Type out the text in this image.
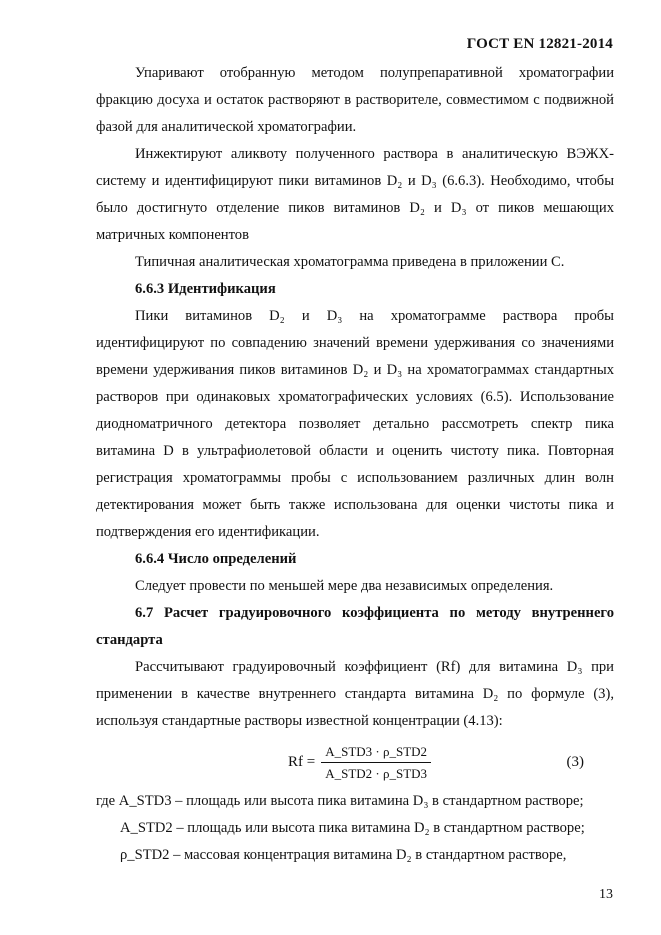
ГОСТ EN 12821-2014

Упаривают отобранную методом полупрепаративной хроматографии фракцию досуха и остаток растворяют в растворителе, совместимом с подвижной фазой для аналитической хроматографии.

Инжектируют аликвоту полученного раствора в аналитическую ВЭЖХ-систему и идентифицируют пики витаминов D₂ и D₃ (6.6.3). Необходимо, чтобы было достигнуто отделение пиков витаминов D₂ и D₃ от пиков мешающих матричных компонентов

Типичная аналитическая хроматограмма приведена в приложении С.

6.6.3 Идентификация

Пики витаминов D₂ и D₃ на хроматограмме раствора пробы идентифицируют по совпадению значений времени удерживания со значениями времени удерживания пиков витаминов D₂ и D₃ на хроматограммах стандартных растворов при одинаковых хроматографических условиях (6.5). Использование диодноматричного детектора позволяет детально рассмотреть спектр пика витамина D в ультрафиолетовой области и оценить чистоту пика. Повторная регистрация хроматограммы пробы с использованием различных длин волн детектирования может быть также использована для оценки чистоты пика и подтверждения его идентификации.

6.6.4 Число определений

Следует провести по меньшей мере два независимых определения.

6.7 Расчет градуировочного коэффициента по методу внутреннего стандарта

Рассчитывают градуировочный коэффициент (Rf) для витамина D₃ при применении в качестве внутреннего стандарта витамина D₂ по формуле (3), используя стандартные растворы известной концентрации (4.13):

$Rf = \frac{\text{A\_STD3 · ρ\_STD2}}{\text{A\_STD2 · ρ\_STD3}}$	(3)

где A_STD3 – площадь или высота пика витамина D₃ в стандартном растворе;

A_STD2 – площадь или высота пика витамина D₂ в стандартном растворе;

ρ_STD2 – массовая концентрация витамина D₂ в стандартном растворе,

13
